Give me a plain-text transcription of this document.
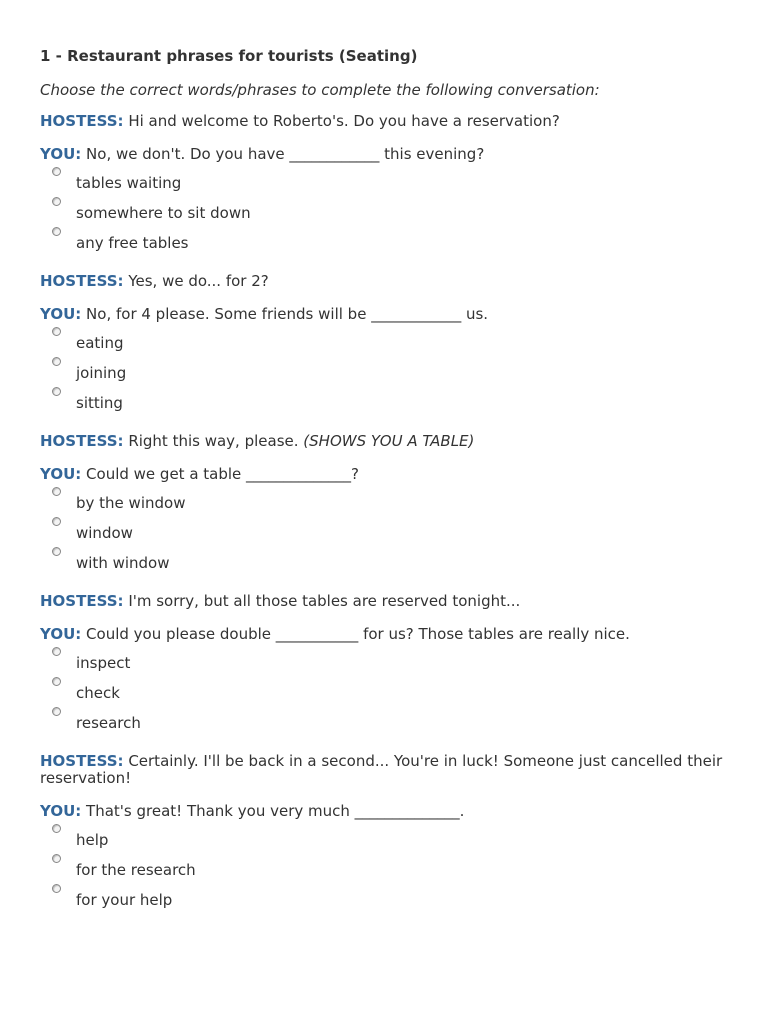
1 - Restaurant phrases for tourists (Seating)
Choose the correct words/phrases to complete the following conversation:
HOSTESS: Hi and welcome to Roberto's. Do you have a reservation?
YOU: No, we don't. Do you have ____________ this evening?
tables waiting
somewhere to sit down
any free tables
HOSTESS: Yes, we do... for 2?
YOU: No, for 4 please. Some friends will be ____________ us.
eating
joining
sitting
HOSTESS: Right this way, please. (SHOWS YOU A TABLE)
YOU: Could we get a table ______________?
by the window
window
with window
HOSTESS: I'm sorry, but all those tables are reserved tonight...
YOU: Could you please double ___________ for us? Those tables are really nice.
inspect
check
research
HOSTESS: Certainly. I'll be back in a second... You're in luck! Someone just cancelled their reservation!
YOU: That's great! Thank you very much ______________.
help
for the research
for your help
